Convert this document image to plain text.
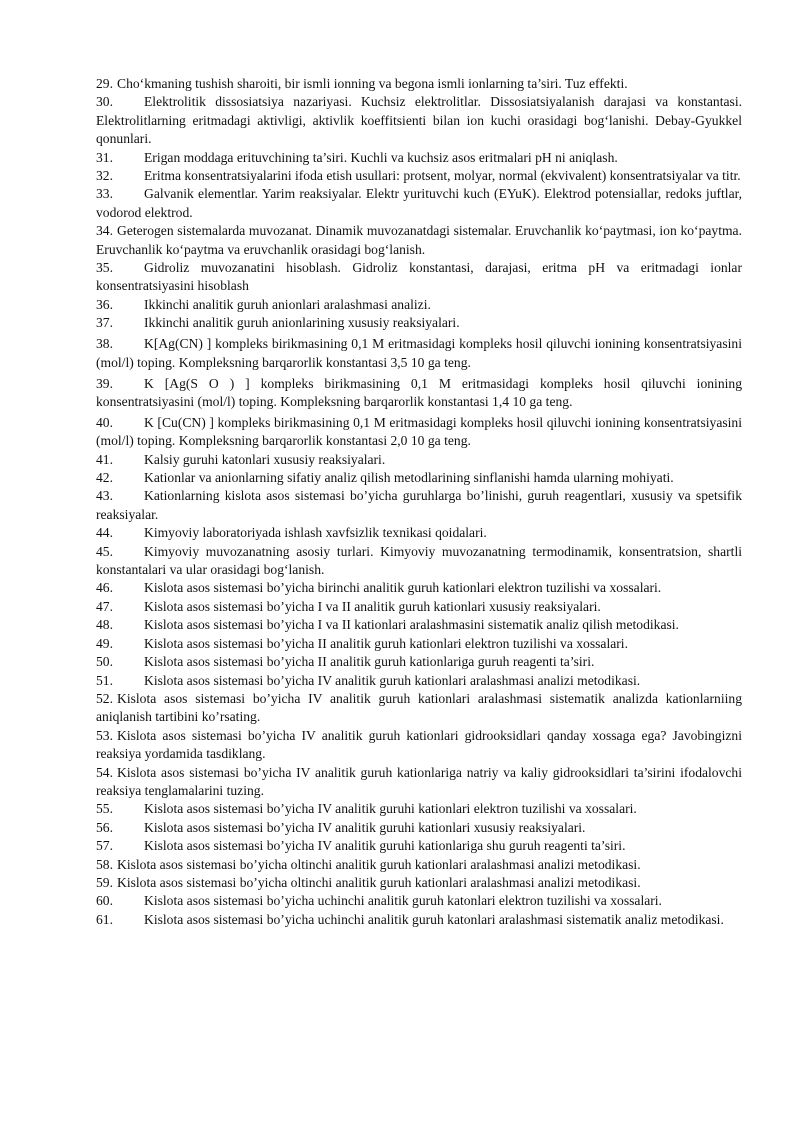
29. Cho‘kmaning tushish sharoiti, bir ismli ionning va begona ismli ionlarning ta’siri. Tuz effekti.

30. Elektrolitik dissosiatsiya nazariyasi. Kuchsiz elektrolitlar. Dissosiatsiyalanish darajasi va konstantasi. Elektrolitlarning eritmadagi aktivligi, aktivlik koeffitsienti bilan ion kuchi orasidagi bog‘lanishi. Debay-Gyukkel qonunlari.

31. Erigan moddaga erituvchining ta’siri. Kuchli va kuchsiz asos eritmalari pH ni aniqlash.

32. Eritma konsentratsiyalarini ifoda etish usullari: protsent, molyar, normal (ekvivalent) konsentratsiyalar va titr.

33. Galvanik elementlar. Yarim reaksiyalar. Elektr yurituvchi kuch (EYuK). Elektrod potensiallar, redoks juftlar, vodorod elektrod.

34. Geterogen sistemalarda muvozanat. Dinamik muvozanatdagi sistemalar. Eruvchanlik ko‘paytmasi, ion ko‘paytma. Eruvchanlik ko‘paytma va eruvchanlik orasidagi bog‘lanish.

35. Gidroliz muvozanatini hisoblash. Gidroliz konstantasi, darajasi, eritma pH va eritmadagi ionlar konsentratsiyasini hisoblash

36. Ikkinchi analitik guruh anionlari aralashmasi analizi.

37. Ikkinchi analitik guruh anionlarining xususiy reaksiyalari.

38. K[Ag(CN) ] kompleks birikmasining 0,1 M eritmasidagi kompleks hosil qiluvchi ionining konsentratsiyasini (mol/l) toping. Kompleksning barqarorlik konstantasi 3,5 10 ga teng.

39. K [Ag(S O ) ] kompleks birikmasining 0,1 M eritmasidagi kompleks hosil qiluvchi ionining konsentratsiyasini (mol/l) toping. Kompleksning barqarorlik konstantasi 1,4 10 ga teng.

40. K [Cu(CN) ] kompleks birikmasining 0,1 M eritmasidagi kompleks hosil qiluvchi ionining konsentratsiyasini (mol/l) toping. Kompleksning barqarorlik konstantasi 2,0 10 ga teng.

41. Kalsiy guruhi katonlari xususiy reaksiyalari.

42. Kationlar va anionlarning sifatiy analiz qilish metodlarining sinflanishi hamda ularning mohiyati.

43. Kationlarning kislota asos sistemasi bo’yicha guruhlarga bo’linishi, guruh reagentlari, xususiy va spetsifik reaksiyalar.

44. Kimyoviy laboratoriyada ishlash xavfsizlik texnikasi qoidalari.

45. Kimyoviy muvozanatning asosiy turlari. Kimyoviy muvozanatning termodinamik, konsentratsion, shartli konstantalari va ular orasidagi bog‘lanish.

46. Kislota asos sistemasi bo’yicha birinchi analitik guruh kationlari elektron tuzilishi va xossalari.

47. Kislota asos sistemasi bo’yicha I va II analitik guruh kationlari xususiy reaksiyalari.

48. Kislota asos sistemasi bo’yicha I va II kationlari aralashmasini sistematik analiz qilish metodikasi.

49. Kislota asos sistemasi bo’yicha II analitik guruh kationlari elektron tuzilishi va xossalari.

50. Kislota asos sistemasi bo’yicha II analitik guruh kationlariga guruh reagenti ta’siri.

51. Kislota asos sistemasi bo’yicha IV analitik guruh kationlari aralashmasi analizi metodikasi.

52. Kislota asos sistemasi bo’yicha IV analitik guruh kationlari aralashmasi sistematik analizda kationlarniing aniqlanish tartibini ko’rsating.

53. Kislota asos sistemasi bo’yicha IV analitik guruh kationlari gidrooksidlari qanday xossaga ega? Javobingizni reaksiya yordamida tasdiklang.

54. Kislota asos sistemasi bo’yicha IV analitik guruh kationlariga natriy va kaliy gidrooksidlari ta’sirini ifodalovchi reaksiya tenglamalarini tuzing.

55. Kislota asos sistemasi bo’yicha IV analitik guruhi kationlari elektron tuzilishi va xossalari.

56. Kislota asos sistemasi bo’yicha IV analitik guruhi kationlari xususiy reaksiyalari.

57. Kislota asos sistemasi bo’yicha IV analitik guruhi kationlariga shu guruh reagenti ta’siri.

58. Kislota asos sistemasi bo’yicha oltinchi analitik guruh kationlari aralashmasi analizi metodikasi.

59. Kislota asos sistemasi bo’yicha oltinchi analitik guruh kationlari aralashmasi analizi metodikasi.

60. Kislota asos sistemasi bo’yicha uchinchi analitik guruh katonlari elektron tuzilishi va xossalari.

61. Kislota asos sistemasi bo’yicha uchinchi analitik guruh katonlari aralashmasi sistematik analiz metodikasi.
